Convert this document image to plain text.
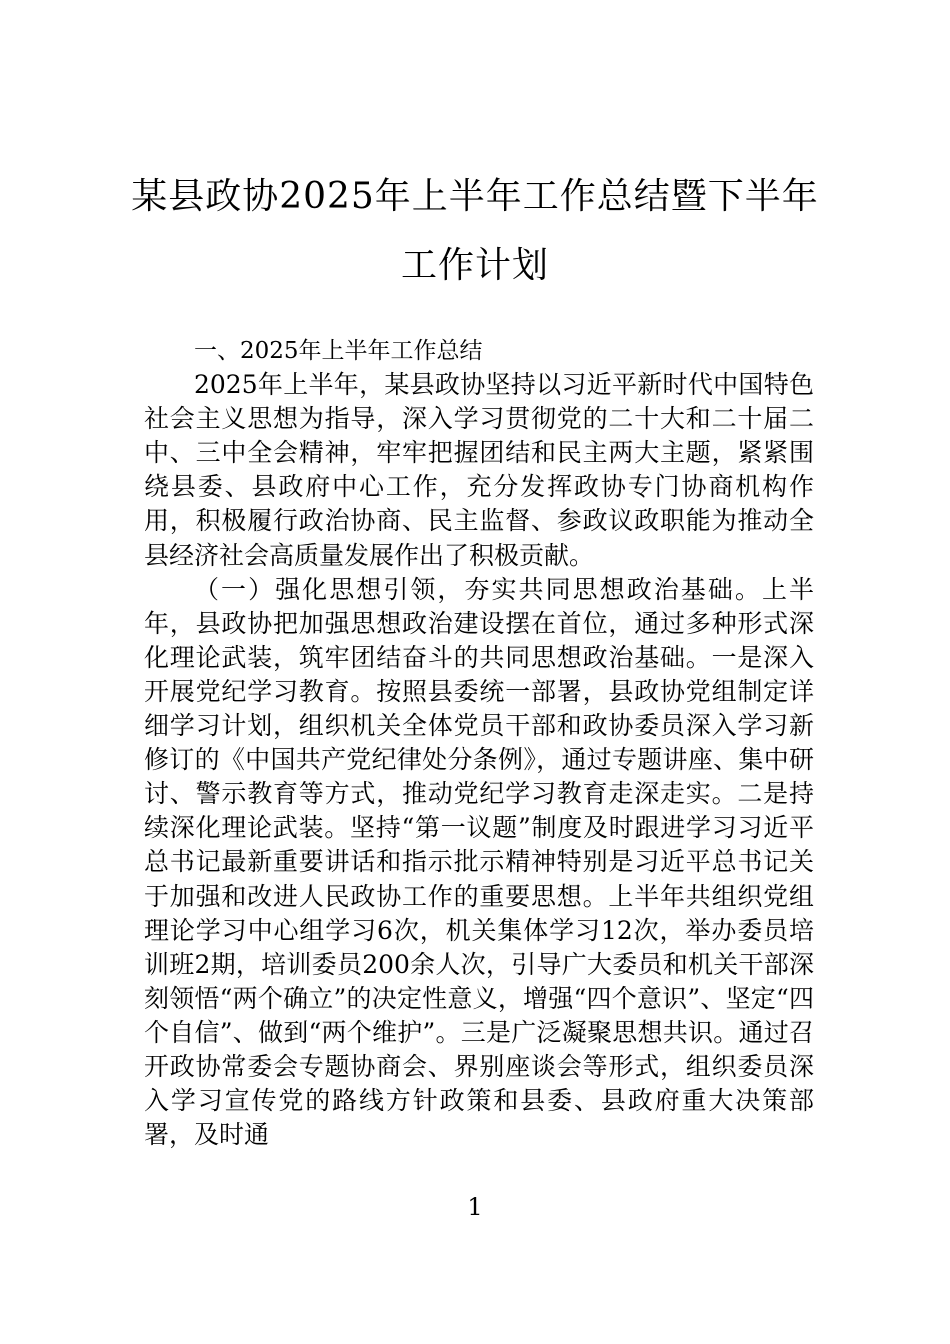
某县政协2025年上半年工作总结暨下半年
工作计划

一、2025年上半年工作总结

2025年上半年，某县政协坚持以习近平新时代中国特色社会主义思想为指导，深入学习贯彻党的二十大和二十届二中、三中全会精神，牢牢把握团结和民主两大主题，紧紧围绕县委、县政府中心工作，充分发挥政协专门协商机构作用，积极履行政治协商、民主监督、参政议政职能为推动全县经济社会高质量发展作出了积极贡献。

（一）强化思想引领，夯实共同思想政治基础。上半年，县政协把加强思想政治建设摆在首位，通过多种形式深化理论武装，筑牢团结奋斗的共同思想政治基础。一是深入开展党纪学习教育。按照县委统一部署，县政协党组制定详细学习计划，组织机关全体党员干部和政协委员深入学习新修订的《中国共产党纪律处分条例》，通过专题讲座、集中研讨、警示教育等方式，推动党纪学习教育走深走实。二是持续深化理论武装。坚持“第一议题”制度及时跟进学习习近平总书记最新重要讲话和指示批示精神特别是习近平总书记关于加强和改进人民政协工作的重要思想。上半年共组织党组理论学习中心组学习6次，机关集体学习12次，举办委员培训班2期，培训委员200余人次，引导广大委员和机关干部深刻领悟“两个确立”的决定性意义，增强“四个意识”、坚定“四个自信”、做到“两个维护”。三是广泛凝聚思想共识。通过召开政协常委会专题协商会、界别座谈会等形式，组织委员深入学习宣传党的路线方针政策和县委、县政府重大决策部署，及时通

1
